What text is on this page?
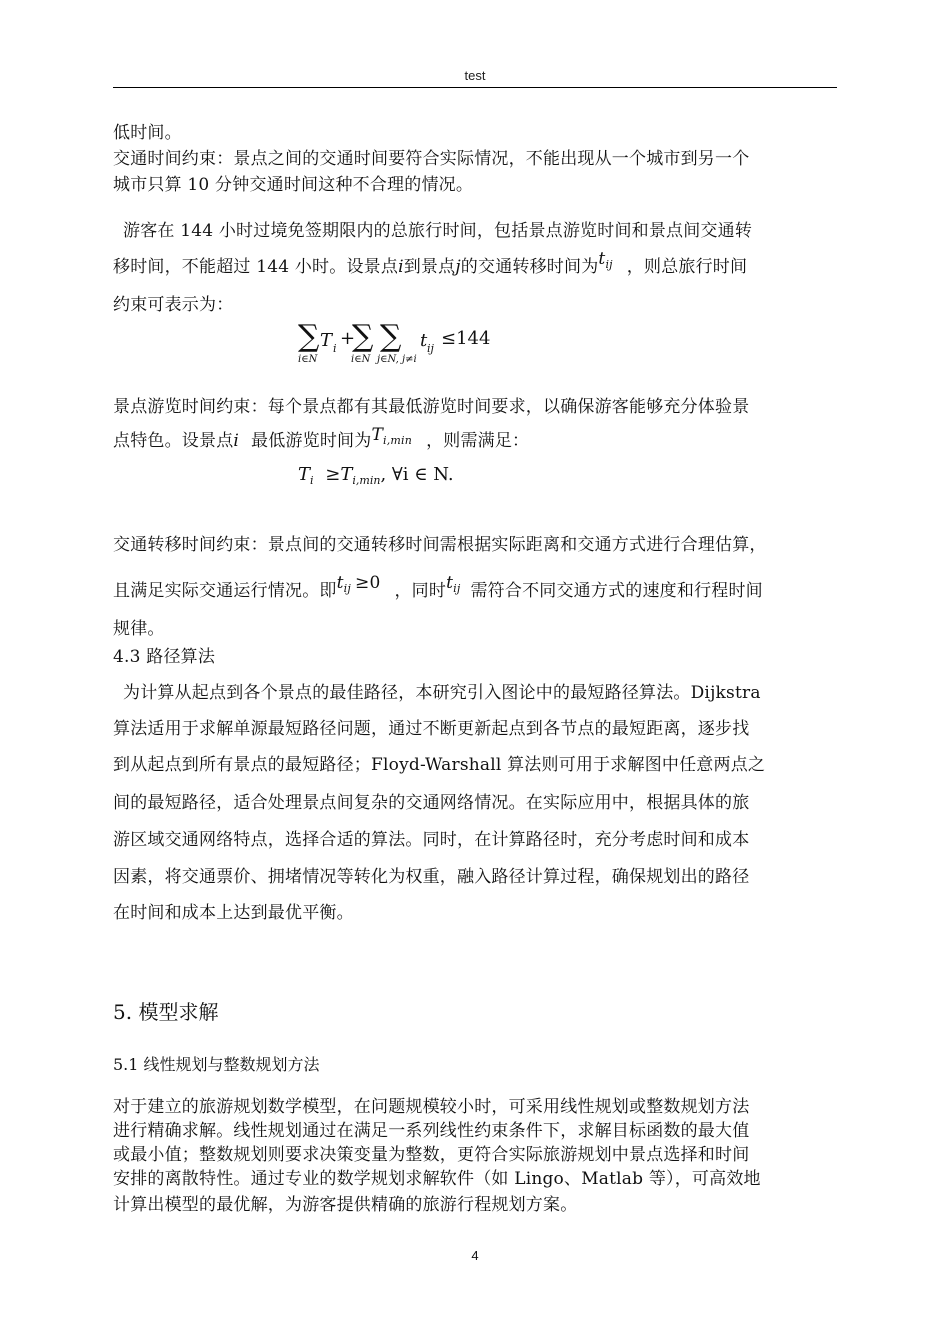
test
低时间。
交通时间约束：景点之间的交通时间要符合实际情况，不能出现从一个城市到另一个
城市只算 10 分钟交通时间这种不合理的情况。
游客在 144 小时过境免签期限内的总旅行时间，包括景点游览时间和景点间交通转
移时间，不能超过 144 小时。设景点i到景点j的交通转移时间为$t_{ij}$ ，则总旅行时间
约束可表示为：
∑
i∈N
T i +
∑
i∈N
∑
j∈N, j≠i
t ij ≤144
景点游览时间约束：每个景点都有其最低游览时间要求，以确保游客能够充分体验景
点特色。设景点i 最低游览时间为$T_{i,min}$ ，则需满足：
$T_i \ge T_{i,min}$, ∀i ∈ N.
交通转移时间约束：景点间的交通转移时间需根据实际距离和交通方式进行合理估算，
且满足实际交通运行情况。即$t_{ij} \ge 0$ ，同时$t_{ij}$ 需符合不同交通方式的速度和行程时间
规律。
4.3 路径算法
为计算从起点到各个景点的最佳路径，本研究引入图论中的最短路径算法。Dijkstra
算法适用于求解单源最短路径问题，通过不断更新起点到各节点的最短距离，逐步找
到从起点到所有景点的最短路径；Floyd-Warshall 算法则可用于求解图中任意两点之
间的最短路径，适合处理景点间复杂的交通网络情况。在实际应用中，根据具体的旅
游区域交通网络特点，选择合适的算法。同时，在计算路径时，充分考虑时间和成本
因素，将交通票价、拥堵情况等转化为权重，融入路径计算过程，确保规划出的路径
在时间和成本上达到最优平衡。
5. 模型求解
5.1 线性规划与整数规划方法
对于建立的旅游规划数学模型，在问题规模较小时，可采用线性规划或整数规划方法
进行精确求解。线性规划通过在满足一系列线性约束条件下，求解目标函数的最大值
或最小值；整数规划则要求决策变量为整数，更符合实际旅游规划中景点选择和时间
安排的离散特性。通过专业的数学规划求解软件（如 Lingo、Matlab 等），可高效地
计算出模型的最优解，为游客提供精确的旅游行程规划方案。
4
